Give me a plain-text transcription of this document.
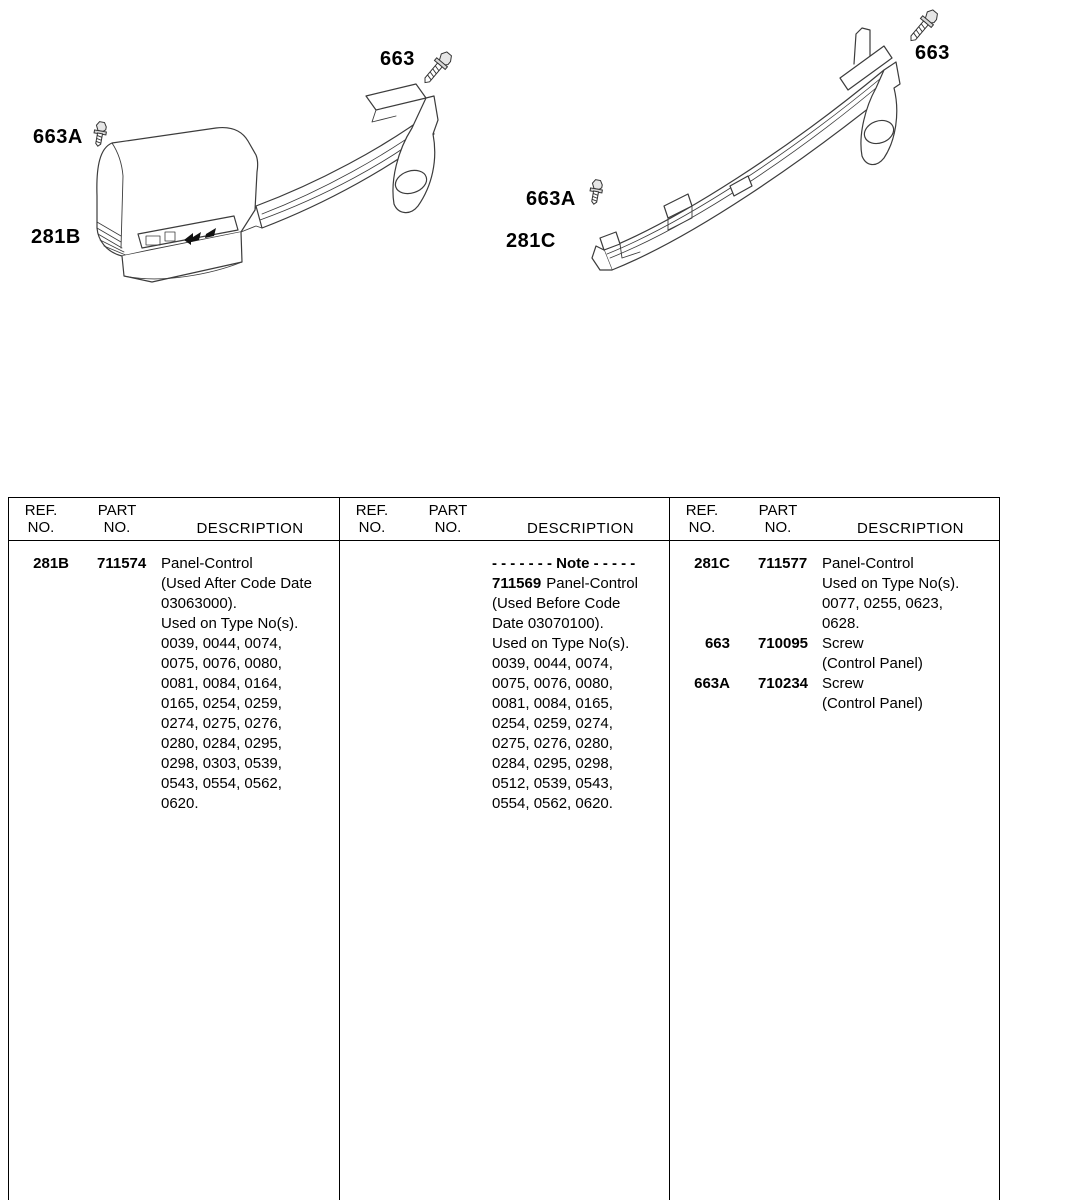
663
663A
281B
663
663A
281C
REF.
NO.
PART
NO.	DESCRIPTION
281B	711574 Panel-Control
(Used After Code Date
03063000).
Used on Type No(s).
0039, 0044, 0074,
0075, 0076, 0080,
0081, 0084, 0164,
0165, 0254, 0259,
0274, 0275, 0276,
0280, 0284, 0295,
0298, 0303, 0539,
0543, 0554, 0562,
0620.
REF.
NO.
PART
NO.	DESCRIPTION
- - - - - - - Note - - - - -
711569 Panel-Control
(Used Before Code
Date 03070100).
Used on Type No(s).
0039, 0044, 0074,
0075, 0076, 0080,
0081, 0084, 0165,
0254, 0259, 0274,
0275, 0276, 0280,
0284, 0295, 0298,
0512, 0539, 0543,
0554, 0562, 0620.
REF.
NO.
PART
NO.	DESCRIPTION
281C	711577 Panel-Control
Used on Type No(s).
0077, 0255, 0623,
0628.
663	710095 Screw
(Control Panel)
663A	710234 Screw
(Control Panel)
